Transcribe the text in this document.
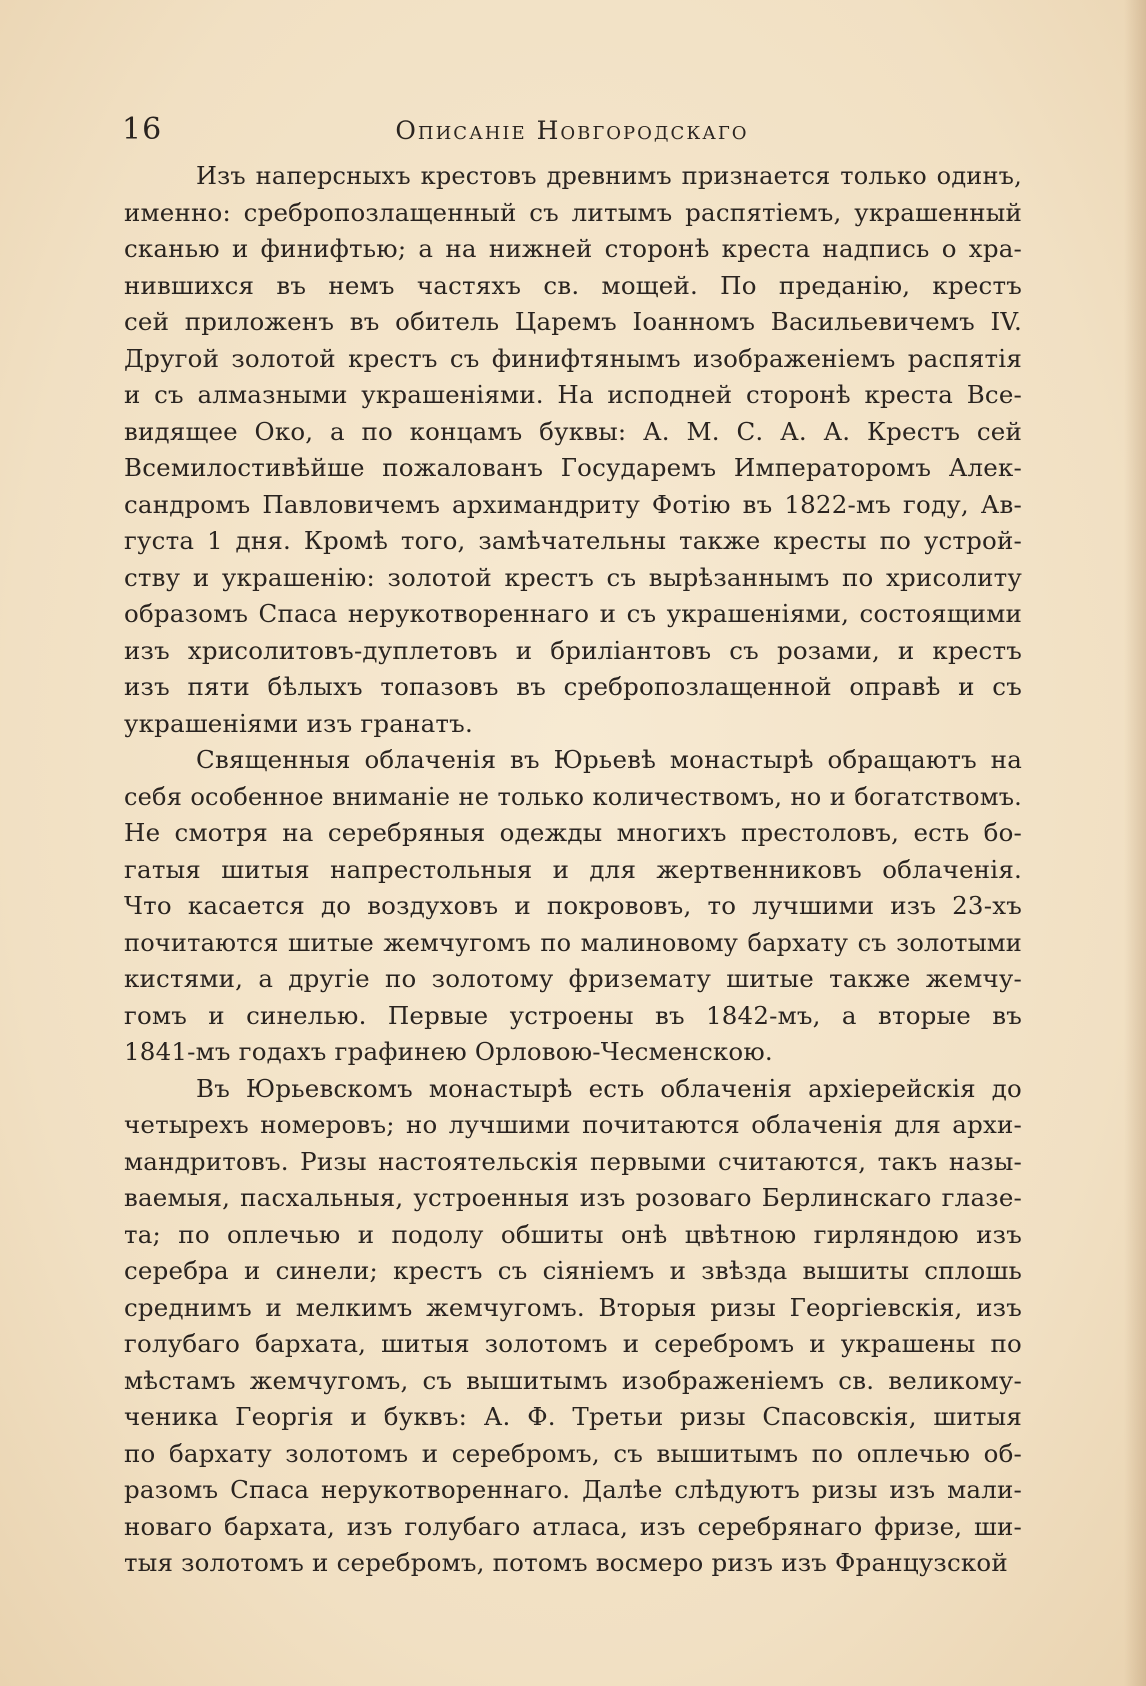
16	Описаніе Новгородскаго
Изъ наперсныхъ крестовъ древнимъ признается только одинъ,
именно: сребропозлащенный съ литымъ распятіемъ, украшенный
сканью и финифтью; а на нижней сторонѣ креста надпись о хра-
нившихся въ немъ частяхъ св. мощей. По преданію, крестъ
сей приложенъ въ обитель Царемъ Іоанномъ Васильевичемъ IV.
Другой золотой крестъ съ финифтянымъ изображеніемъ распятія
и съ алмазными украшеніями. На исподней сторонѣ креста Все-
видящее Око, а по концамъ буквы: А. М. С. А. А. Крестъ сей
Всемилостивѣйше пожалованъ Государемъ Императоромъ Алек-
сандромъ Павловичемъ архимандриту Фотію въ 1822-мъ году, Ав-
густа 1 дня. Кромѣ того, замѣчательны также кресты по устрой-
ству и украшенію: золотой крестъ съ вырѣзаннымъ по хрисолиту
образомъ Спаса нерукотвореннаго и съ украшеніями, состоящими
изъ хрисолитовъ-дуплетовъ и бриліантовъ съ розами, и крестъ
изъ пяти бѣлыхъ топазовъ въ сребропозлащенной оправѣ и съ
украшеніями изъ гранатъ.
Священныя облаченія въ Юрьевѣ монастырѣ обращаютъ на
себя особенное вниманіе не только количествомъ, но и богатствомъ.
Не смотря на серебряныя одежды многихъ престоловъ, есть бо-
гатыя шитыя напрестольныя и для жертвенниковъ облаченія.
Что касается до воздуховъ и покрововъ, то лучшими изъ 23-хъ
почитаются шитые жемчугомъ по малиновому бархату съ золотыми
кистями, а другіе по золотому фриземату шитые также жемчу-
гомъ и синелью. Первые устроены въ 1842-мъ, а вторые въ
1841-мъ годахъ графинею Орловою-Чесменскою.
Въ Юрьевскомъ монастырѣ есть облаченія архіерейскія до
четырехъ номеровъ; но лучшими почитаются облаченія для архи-
мандритовъ. Ризы настоятельскія первыми считаются, такъ назы-
ваемыя, пасхальныя, устроенныя изъ розоваго Берлинскаго глазе-
та; по оплечью и подолу обшиты онѣ цвѣтною гирляндою изъ
серебра и синели; крестъ съ сіяніемъ и звѣзда вышиты сплошь
среднимъ и мелкимъ жемчугомъ. Вторыя ризы Георгіевскія, изъ
голубаго бархата, шитыя золотомъ и серебромъ и украшены по
мѣстамъ жемчугомъ, съ вышитымъ изображеніемъ св. великому-
ченика Георгія и буквъ: А. Ф. Третьи ризы Спасовскія, шитыя
по бархату золотомъ и серебромъ, съ вышитымъ по оплечью об-
разомъ Спаса нерукотвореннаго. Далѣе слѣдуютъ ризы изъ мали-
новаго бархата, изъ голубаго атласа, изъ серебрянаго фризе, ши-
тыя золотомъ и серебромъ, потомъ восмеро ризъ изъ Французской
